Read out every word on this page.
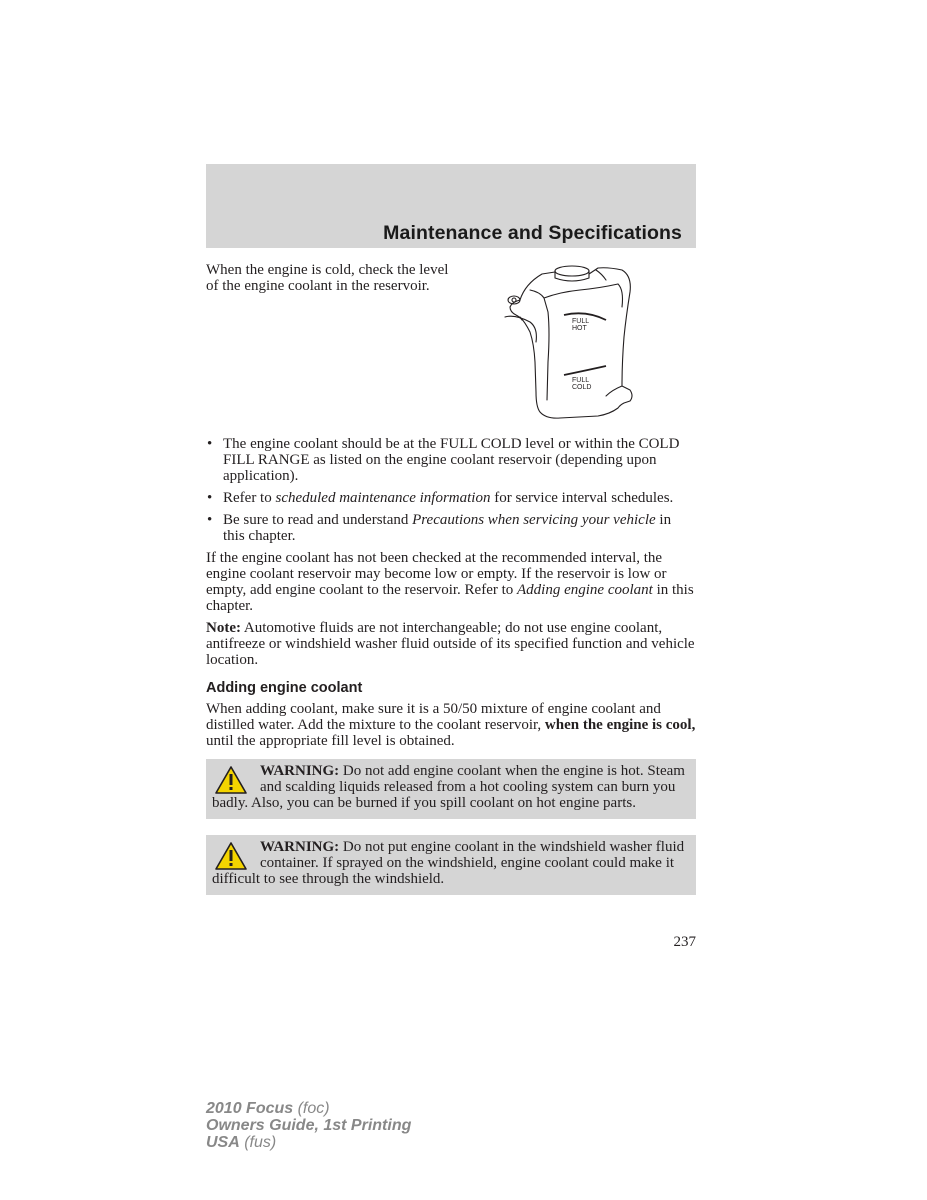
Maintenance and Specifications

When the engine is cold, check the level of the engine coolant in the reservoir.

FULL
HOT
FULL
COLD
• The engine coolant should be at the FULL COLD level or within the COLD FILL RANGE as listed on the engine coolant reservoir (depending upon application).
• Refer to scheduled maintenance information for service interval schedules.
• Be sure to read and understand Precautions when servicing your vehicle in this chapter.

If the engine coolant has not been checked at the recommended interval, the engine coolant reservoir may become low or empty. If the reservoir is low or empty, add engine coolant to the reservoir. Refer to Adding engine coolant in this chapter.

Note: Automotive fluids are not interchangeable; do not use engine coolant, antifreeze or windshield washer fluid outside of its specified function and vehicle location.

Adding engine coolant

When adding coolant, make sure it is a 50/50 mixture of engine coolant and distilled water. Add the mixture to the coolant reservoir, when the engine is cool, until the appropriate fill level is obtained.

WARNING: Do not add engine coolant when the engine is hot. Steam and scalding liquids released from a hot cooling system can burn you badly. Also, you can be burned if you spill coolant on hot engine parts.
WARNING: Do not put engine coolant in the windshield washer fluid container. If sprayed on the windshield, engine coolant could make it difficult to see through the windshield.
237
2010 Focus (foc)
Owners Guide, 1st Printing
USA (fus)
